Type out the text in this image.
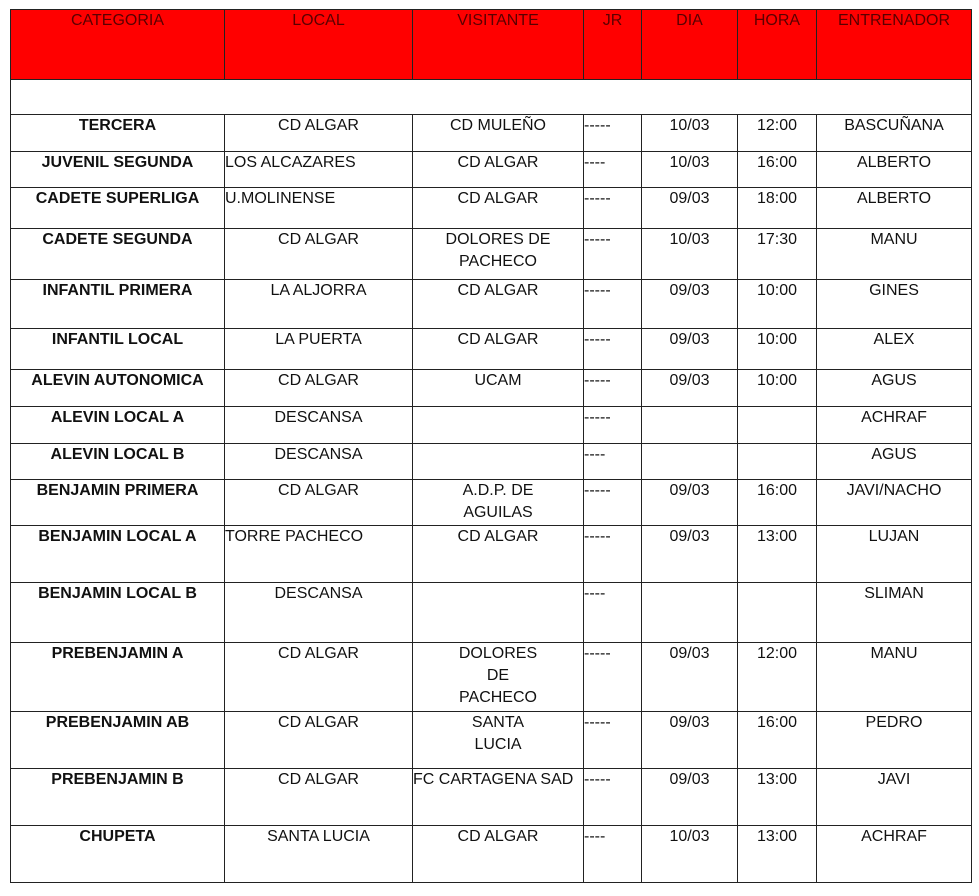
CATEGORIA	LOCAL	VISITANTE	JR	DIA	HORA	ENTRENADOR

TERCERA	CD ALGAR	CD MULEÑO	-----	10/03	12:00	BASCUÑANA
JUVENIL SEGUNDA	LOS ALCAZARES	CD ALGAR	----	10/03	16:00	ALBERTO
CADETE SUPERLIGA	U.MOLINENSE	CD ALGAR	-----	09/03	18:00	ALBERTO
CADETE SEGUNDA	CD ALGAR	DOLORES DE PACHECO	-----	10/03	17:30	MANU
INFANTIL PRIMERA	LA ALJORRA	CD ALGAR	-----	09/03	10:00	GINES
INFANTIL LOCAL	LA PUERTA	CD ALGAR	-----	09/03	10:00	ALEX
ALEVIN AUTONOMICA	CD ALGAR	UCAM	-----	09/03	10:00	AGUS
ALEVIN LOCAL A	DESCANSA		-----			ACHRAF
ALEVIN LOCAL B	DESCANSA		----			AGUS
BENJAMIN PRIMERA	CD ALGAR	A.D.P. DE AGUILAS	-----	09/03	16:00	JAVI/NACHO
BENJAMIN LOCAL A	TORRE PACHECO	CD ALGAR	-----	09/03	13:00	LUJAN
BENJAMIN LOCAL B	DESCANSA		----			SLIMAN
PREBENJAMIN A	CD ALGAR	DOLORES DE PACHECO	-----	09/03	12:00	MANU
PREBENJAMIN AB	CD ALGAR	SANTA LUCIA	-----	09/03	16:00	PEDRO
PREBENJAMIN B	CD ALGAR	FC CARTAGENA SAD	-----	09/03	13:00	JAVI
CHUPETA	SANTA LUCIA	CD ALGAR	----	10/03	13:00	ACHRAF
